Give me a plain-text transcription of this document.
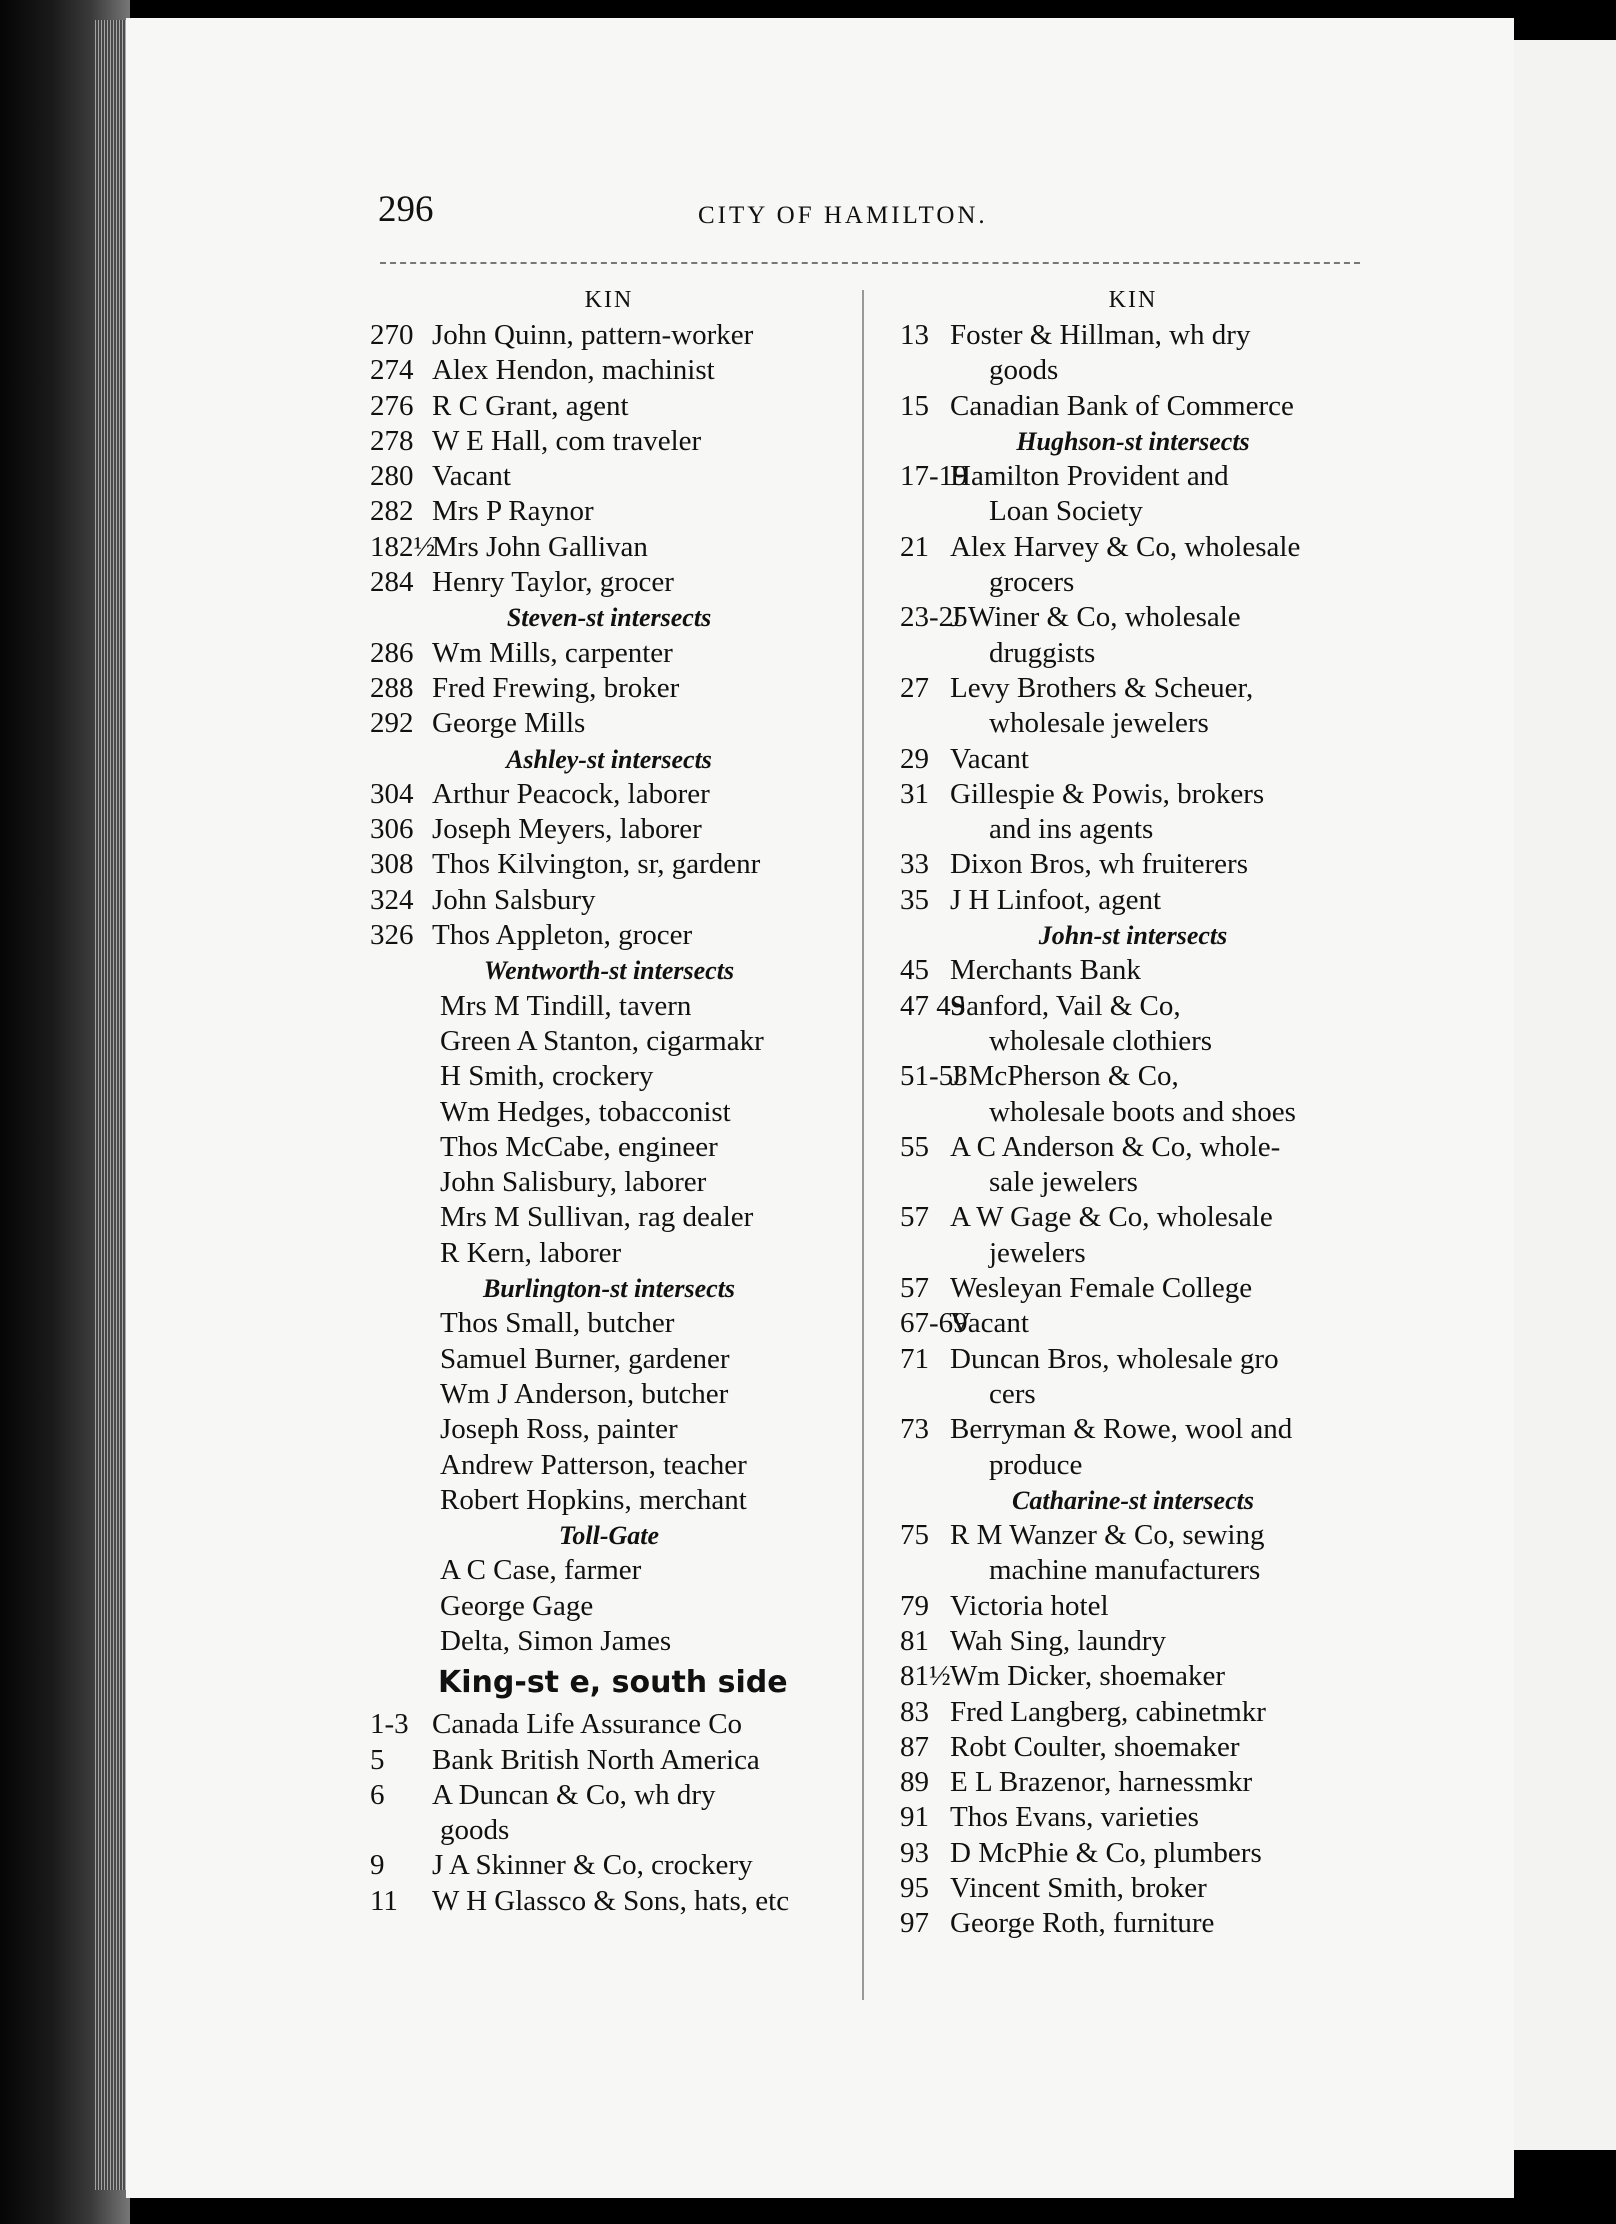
296	CITY OF HAMILTON.
KIN
270 John Quinn, pattern-worker
274 Alex Hendon, machinist
276 R C Grant, agent
278 W E Hall, com traveler
280 Vacant
282 Mrs P Raynor
182½Mrs John Gallivan
284 Henry Taylor, grocer
Steven-st intersects
286 Wm Mills, carpenter
288 Fred Frewing, broker
292 George Mills
Ashley-st intersects
304 Arthur Peacock, laborer
306 Joseph Meyers, laborer
308 Thos Kilvington, sr, gardenr
324 John Salsbury
326 Thos Appleton, grocer
Wentworth-st intersects
Mrs M Tindill, tavern
Green A Stanton, cigarmakr
H Smith, crockery
Wm Hedges, tobacconist
Thos McCabe, engineer
John Salisbury, laborer
Mrs M Sullivan, rag dealer
R Kern, laborer
Burlington-st intersects
Thos Small, butcher
Samuel Burner, gardener
Wm J Anderson, butcher
Joseph Ross, painter
Andrew Patterson, teacher
Robert Hopkins, merchant
Toll-Gate
A C Case, farmer
George Gage
Delta, Simon James
King-st e, south side
1-3 Canada Life Assurance Co
5 Bank British North America
6 A Duncan & Co, wh dry
goods
9 J A Skinner & Co, crockery
11 W H Glassco & Sons, hats, etc
KIN
13 Foster & Hillman, wh dry
goods
15 Canadian Bank of Commerce
Hughson-st intersects
17-19Hamilton Provident and
Loan Society
21 Alex Harvey & Co, wholesale
grocers
23-25J Winer & Co, wholesale
druggists
27 Levy Brothers & Scheuer,
wholesale jewelers
29 Vacant
31 Gillespie & Powis, brokers
and ins agents
33 Dixon Bros, wh fruiterers
35 J H Linfoot, agent
John-st intersects
45 Merchants Bank
47 49Sanford, Vail & Co,
wholesale clothiers
51-53J McPherson & Co,
wholesale boots and shoes
55 A C Anderson & Co, whole-
sale jewelers
57 A W Gage & Co, wholesale
jewelers
57 Wesleyan Female College
67-69Vacant
71 Duncan Bros, wholesale gro
cers
73 Berryman & Rowe, wool and
produce
Catharine-st intersects
75 R M Wanzer & Co, sewing
machine manufacturers
79 Victoria hotel
81 Wah Sing, laundry
81½Wm Dicker, shoemaker
83 Fred Langberg, cabinetmkr
87 Robt Coulter, shoemaker
89 E L Brazenor, harnessmkr
91 Thos Evans, varieties
93 D McPhie & Co, plumbers
95 Vincent Smith, broker
97 George Roth, furniture
